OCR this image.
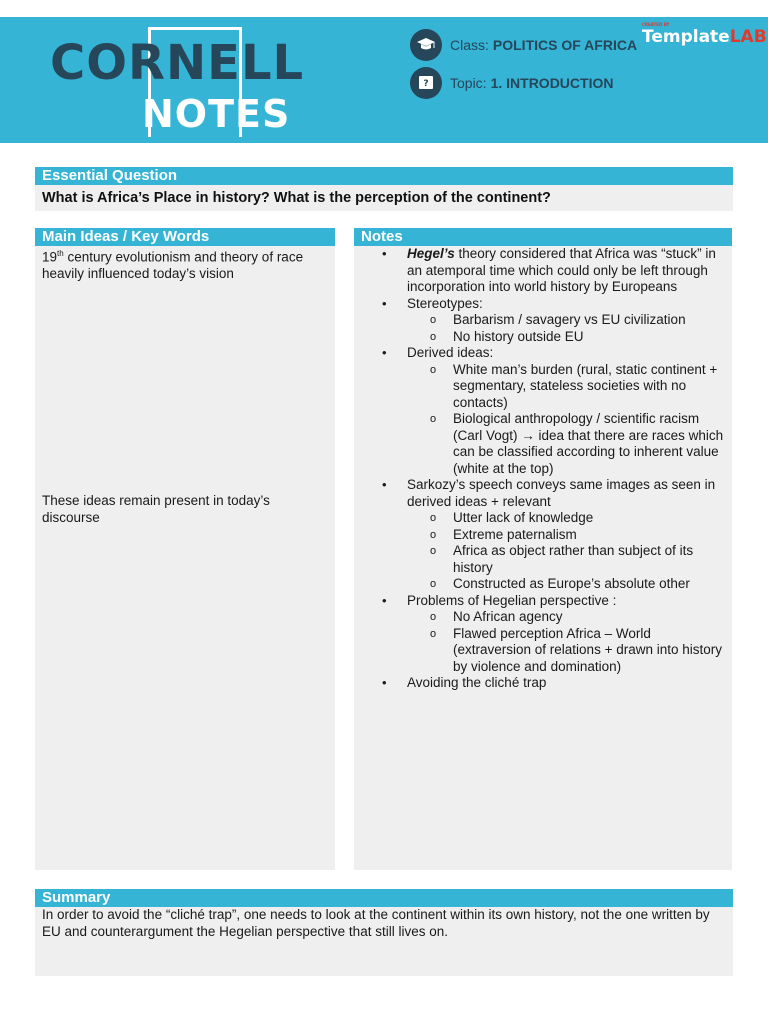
CORNELL
NOTES
Class: POLITICS OF AFRICA
? Topic: 1. INTRODUCTION
CREATED BY
TemplateLAB
Essential Question
What is Africa’s Place in history? What is the perception of the continent?
Main Ideas / Key Words
19th century evolutionism and theory of race heavily influenced today’s vision
These ideas remain present in today’s discourse
Notes
• Hegel’s theory considered that Africa was “stuck” in an atemporal time which could only be left through incorporation into world history by Europeans
• Stereotypes:
o Barbarism / savagery vs EU civilization
o No history outside EU
• Derived ideas:
o White man’s burden (rural, static continent + segmentary, stateless societies with no contacts)
o Biological anthropology / scientific racism (Carl Vogt) → idea that there are races which can be classified according to inherent value (white at the top)
• Sarkozy’s speech conveys same images as seen in derived ideas + relevant
o Utter lack of knowledge
o Extreme paternalism
o Africa as object rather than subject of its history
o Constructed as Europe’s absolute other
• Problems of Hegelian perspective :
o No African agency
o Flawed perception Africa – World (extraversion of relations + drawn into history by violence and domination)
• Avoiding the cliché trap
Summary
In order to avoid the “cliché trap”, one needs to look at the continent within its own history, not the one written by EU and counterargument the Hegelian perspective that still lives on.
